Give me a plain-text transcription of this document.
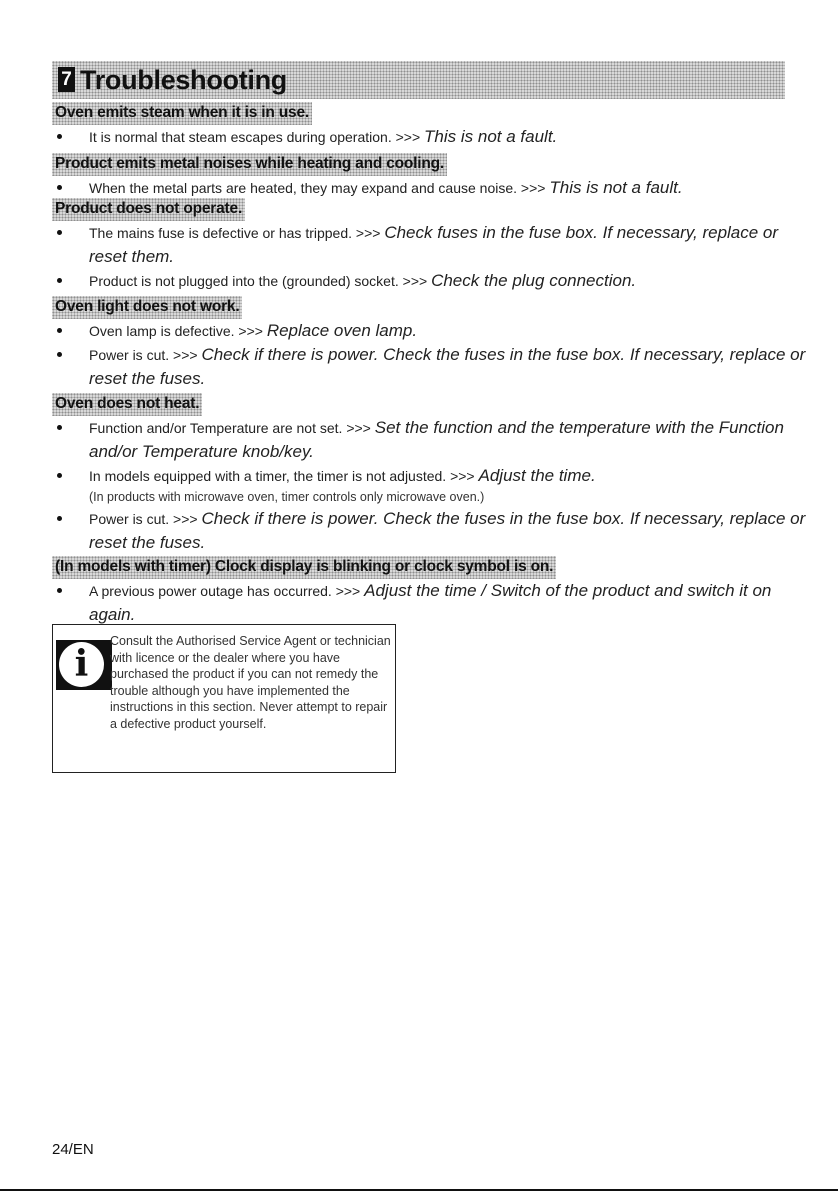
7 Troubleshooting
Oven emits steam when it is in use.
It is normal that steam escapes during operation. >>> This is not a fault.
Product emits metal noises while heating and cooling.
When the metal parts are heated, they may expand and cause noise. >>> This is not a fault.
Product does not operate.
The mains fuse is defective or has tripped. >>> Check fuses in the fuse box. If necessary, replace or reset them.
Product is not plugged into the (grounded) socket. >>> Check the plug connection.
Oven light does not work.
Oven lamp is defective. >>> Replace oven lamp.
Power is cut. >>> Check if there is power. Check the fuses in the fuse box. If necessary, replace or reset the fuses.
Oven does not heat.
Function and/or Temperature are not set. >>> Set the function and the temperature with the Function and/or Temperature knob/key.
In models equipped with a timer, the timer is not adjusted. >>> Adjust the time.
(In products with microwave oven, timer controls only microwave oven.)
Power is cut. >>> Check if there is power. Check the fuses in the fuse box. If necessary, replace or reset the fuses.
(In models with timer) Clock display is blinking or clock symbol is on.
A previous power outage has occurred. >>> Adjust the time / Switch of the product and switch it on again.
i
Consult the Authorised Service Agent or technician with licence or the dealer where you have purchased the product if you can not remedy the trouble although you have implemented the instructions in this section. Never attempt to repair a defective product yourself.
24/EN
